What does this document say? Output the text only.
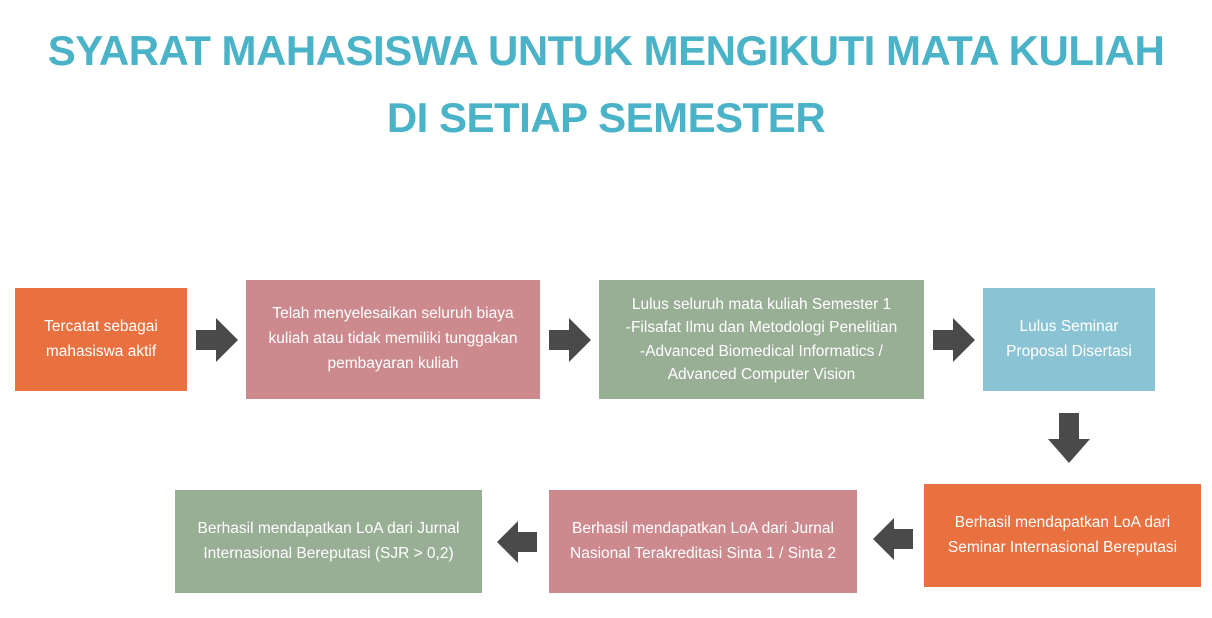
SYARAT MAHASISWA UNTUK MENGIKUTI MATA KULIAH
DI SETIAP SEMESTER
Tercatat sebagai
mahasiswa aktif
Telah menyelesaikan seluruh biaya
kuliah atau tidak memiliki tunggakan
pembayaran kuliah
Lulus seluruh mata kuliah Semester 1
-Filsafat Ilmu dan Metodologi Penelitian
-Advanced Biomedical Informatics /
Advanced Computer Vision
Lulus Seminar
Proposal Disertasi
Berhasil mendapatkan LoA dari
Seminar Internasional Bereputasi
Berhasil mendapatkan LoA dari Jurnal
Nasional Terakreditasi Sinta 1 / Sinta 2
Berhasil mendapatkan LoA dari Jurnal
Internasional Bereputasi (SJR > 0,2)
